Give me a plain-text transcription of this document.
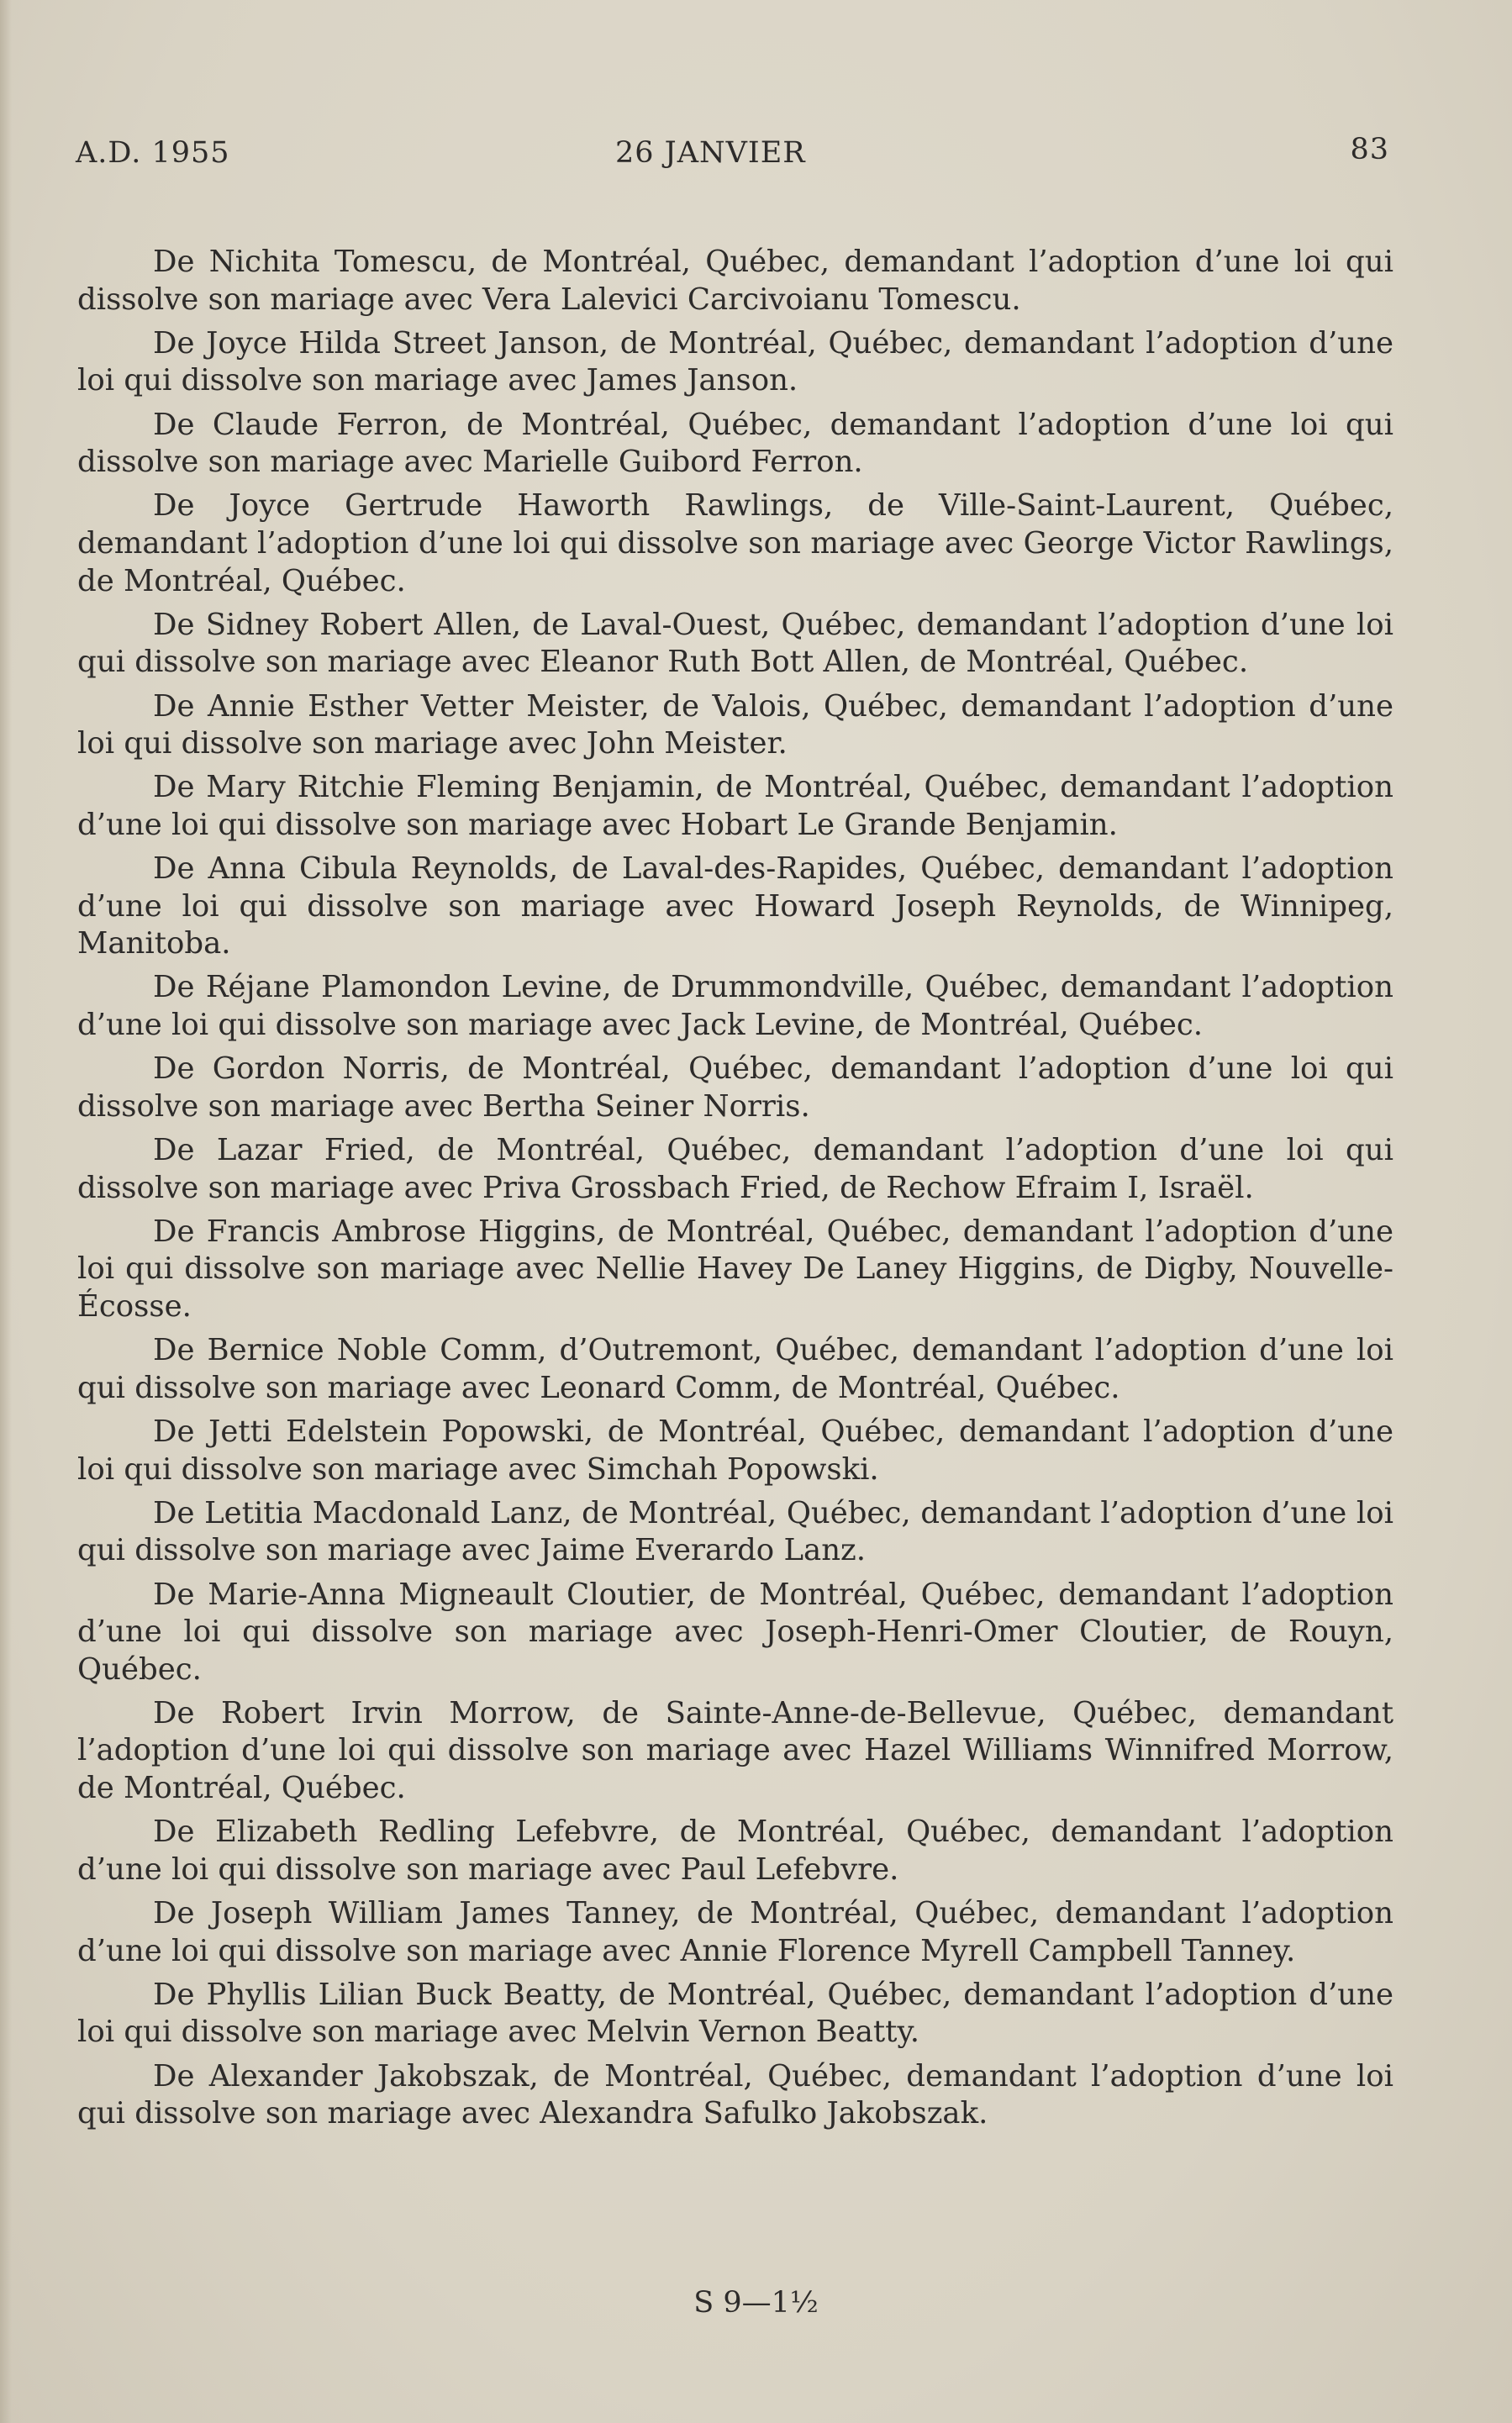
A.D. 1955	26 JANVIER	83

De Nichita Tomescu, de Montréal, Québec, demandant l’adoption d’une loi qui dissolve son mariage avec Vera Lalevici Carcivoianu Tomescu.

De Joyce Hilda Street Janson, de Montréal, Québec, demandant l’adoption d’une loi qui dissolve son mariage avec James Janson.

De Claude Ferron, de Montréal, Québec, demandant l’adoption d’une loi qui dissolve son mariage avec Marielle Guibord Ferron.

De Joyce Gertrude Haworth Rawlings, de Ville-Saint-Laurent, Québec, demandant l’adoption d’une loi qui dissolve son mariage avec George Victor Rawlings, de Montréal, Québec.

De Sidney Robert Allen, de Laval-Ouest, Québec, demandant l’adoption d’une loi qui dissolve son mariage avec Eleanor Ruth Bott Allen, de Montréal, Québec.

De Annie Esther Vetter Meister, de Valois, Québec, demandant l’adoption d’une loi qui dissolve son mariage avec John Meister.

De Mary Ritchie Fleming Benjamin, de Montréal, Québec, demandant l’adoption d’une loi qui dissolve son mariage avec Hobart Le Grande Benjamin.

De Anna Cibula Reynolds, de Laval-des-Rapides, Québec, demandant l’adoption d’une loi qui dissolve son mariage avec Howard Joseph Reynolds, de Winnipeg, Manitoba.

De Réjane Plamondon Levine, de Drummondville, Québec, demandant l’adoption d’une loi qui dissolve son mariage avec Jack Levine, de Montréal, Québec.

De Gordon Norris, de Montréal, Québec, demandant l’adoption d’une loi qui dissolve son mariage avec Bertha Seiner Norris.

De Lazar Fried, de Montréal, Québec, demandant l’adoption d’une loi qui dissolve son mariage avec Priva Grossbach Fried, de Rechow Efraim I, Israël.

De Francis Ambrose Higgins, de Montréal, Québec, demandant l’adoption d’une loi qui dissolve son mariage avec Nellie Havey De Laney Higgins, de Digby, Nouvelle-Écosse.

De Bernice Noble Comm, d’Outremont, Québec, demandant l’adoption d’une loi qui dissolve son mariage avec Leonard Comm, de Montréal, Québec.

De Jetti Edelstein Popowski, de Montréal, Québec, demandant l’adoption d’une loi qui dissolve son mariage avec Simchah Popowski.

De Letitia Macdonald Lanz, de Montréal, Québec, demandant l’adoption d’une loi qui dissolve son mariage avec Jaime Everardo Lanz.

De Marie-Anna Migneault Cloutier, de Montréal, Québec, demandant l’adoption d’une loi qui dissolve son mariage avec Joseph-Henri-Omer Cloutier, de Rouyn, Québec.

De Robert Irvin Morrow, de Sainte-Anne-de-Bellevue, Québec, demandant l’adoption d’une loi qui dissolve son mariage avec Hazel Williams Winnifred Morrow, de Montréal, Québec.

De Elizabeth Redling Lefebvre, de Montréal, Québec, demandant l’adoption d’une loi qui dissolve son mariage avec Paul Lefebvre.

De Joseph William James Tanney, de Montréal, Québec, demandant l’adoption d’une loi qui dissolve son mariage avec Annie Florence Myrell Campbell Tanney.

De Phyllis Lilian Buck Beatty, de Montréal, Québec, demandant l’adoption d’une loi qui dissolve son mariage avec Melvin Vernon Beatty.

De Alexander Jakobszak, de Montréal, Québec, demandant l’adoption d’une loi qui dissolve son mariage avec Alexandra Safulko Jakobszak.

S 9—1½
